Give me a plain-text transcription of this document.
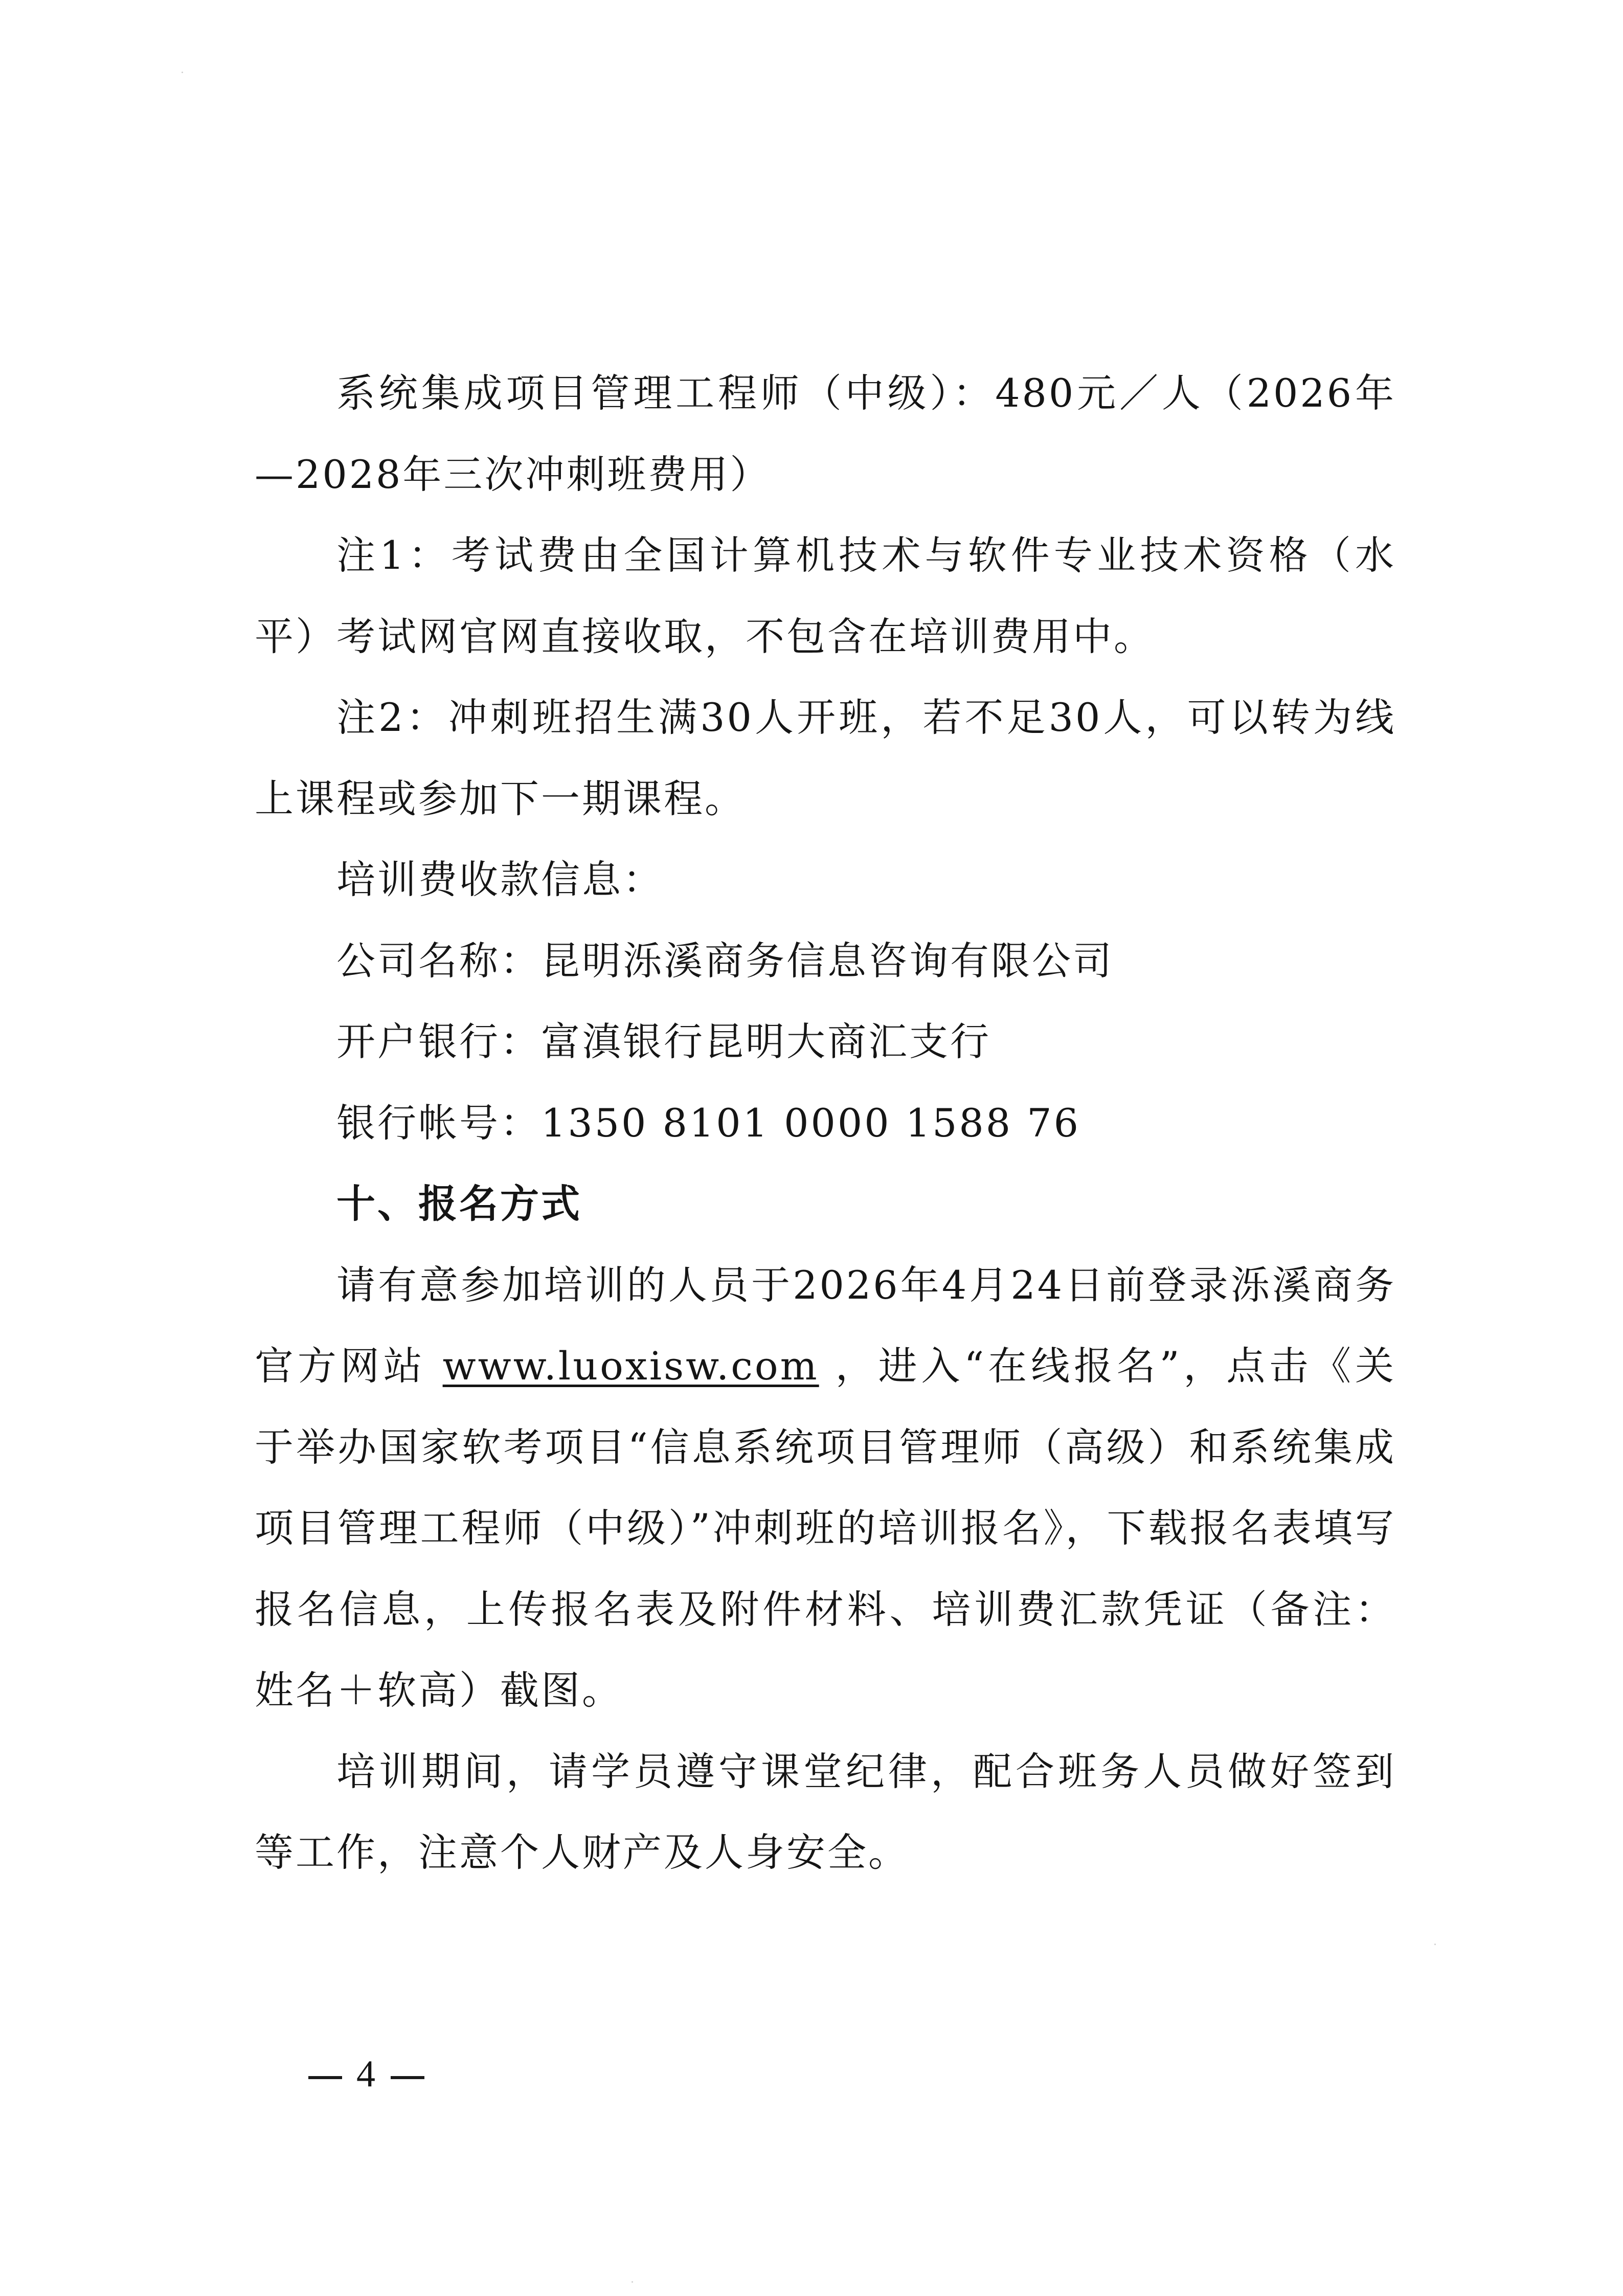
系统集成项目管理工程师（中级）：480元／人（2026年—2028年三次冲刺班费用）

注1：考试费由全国计算机技术与软件专业技术资格（水平）考试网官网直接收取，不包含在培训费用中。

注2：冲刺班招生满30人开班，若不足30人，可以转为线上课程或参加下一期课程。

培训费收款信息：

公司名称：昆明泺溪商务信息咨询有限公司

开户银行：富滇银行昆明大商汇支行

银行帐号：1350 8101 0000 1588 76

十、报名方式

请有意参加培训的人员于2026年4月24日前登录泺溪商务官方网站 www.luoxisw.com ，进入“在线报名”，点击《关于举办国家软考项目“信息系统项目管理师（高级）和系统集成项目管理工程师（中级）”冲刺班的培训报名》，下载报名表填写报名信息，上传报名表及附件材料、培训费汇款凭证（备注：姓名＋软高）截图。

培训期间，请学员遵守课堂纪律，配合班务人员做好签到等工作，注意个人财产及人身安全。

4
